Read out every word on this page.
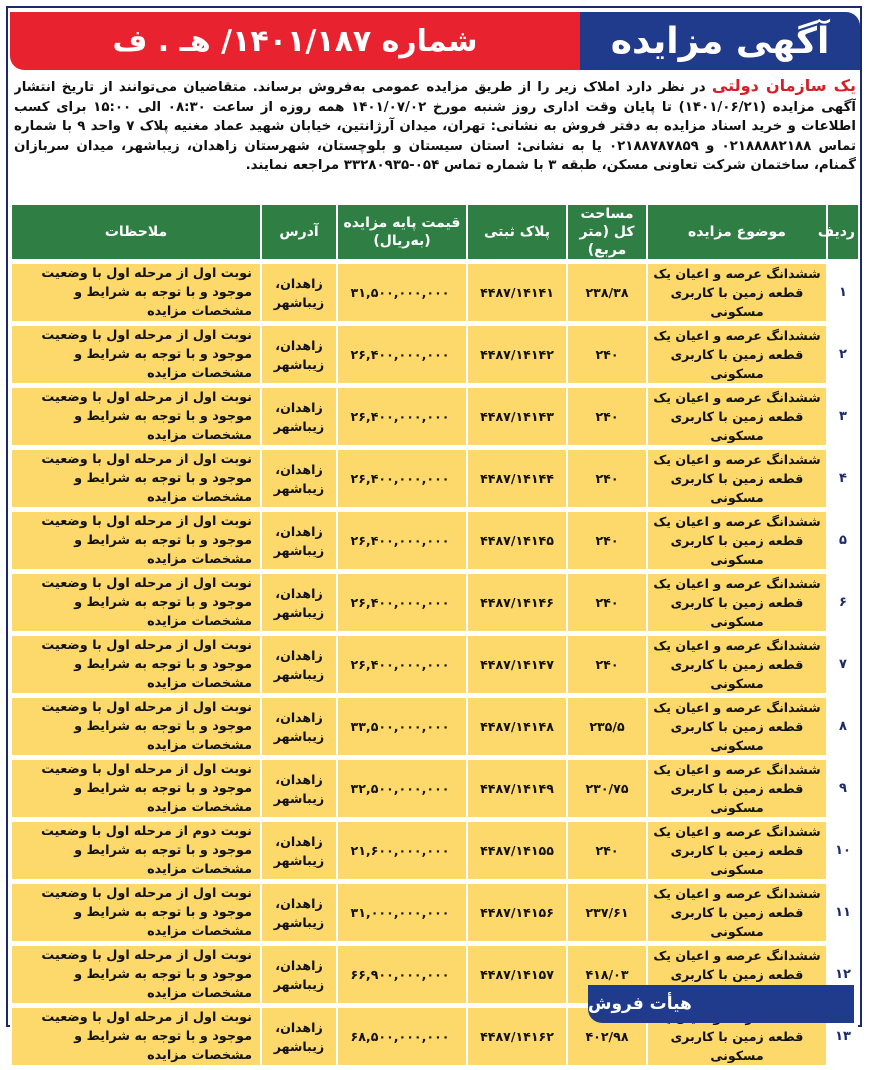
شماره ۱۴۰۱/۱۸۷/ هـ . ف	آگهی مزایده
یک سازمان دولتی در نظر دارد املاک زیر را از طریق مزایده عمومی به‌فروش برساند. متقاضیان می‌توانند از تاریخ انتشار آگهی مزایده (۱۴۰۱/۰۶/۲۱) تا پایان وقت اداری روز شنبه مورخ ۱۴۰۱/۰۷/۰۲ همه روزه از ساعت ۰۸:۳۰ الی ۱۵:۰۰ برای کسب اطلاعات و خرید اسناد مزایده به دفتر فروش به نشانی: تهران، میدان آرژانتین، خیابان شهید عماد مغنیه پلاک ۷ واحد ۹ با شماره تماس ۰۲۱۸۸۸۸۲۱۸۸ و ۰۲۱۸۸۷۸۷۸۵۹ یا به نشانی: استان سیستان و بلوچستان، شهرستان زاهدان، زیباشهر، میدان سربازان گمنام، ساختمان شرکت تعاونی مسکن، طبقه ۳ با شماره تماس ۰۵۴-۳۳۲۸۰۹۳۵ مراجعه نمایند.
ردیف	موضوع مزایده	مساحت کل (متر مربع)	پلاک ثبتی	قیمت پایه مزایده (به‌ریال)	آدرس	ملاحظات
۱	ششدانگ عرصه و اعیان یک قطعه زمین با کاربری مسکونی	۲۳۸/۳۸	۴۴۸۷/۱۴۱۴۱	۳۱,۵۰۰,۰۰۰,۰۰۰	زاهدان، زیباشهر	نوبت اول از مرحله اول با وضعیت موجود و با توجه به شرایط و مشخصات مزایده
۲	ششدانگ عرصه و اعیان یک قطعه زمین با کاربری مسکونی	۲۴۰	۴۴۸۷/۱۴۱۴۲	۲۶,۴۰۰,۰۰۰,۰۰۰	زاهدان، زیباشهر	نوبت اول از مرحله اول با وضعیت موجود و با توجه به شرایط و مشخصات مزایده
۳	ششدانگ عرصه و اعیان یک قطعه زمین با کاربری مسکونی	۲۴۰	۴۴۸۷/۱۴۱۴۳	۲۶,۴۰۰,۰۰۰,۰۰۰	زاهدان، زیباشهر	نوبت اول از مرحله اول با وضعیت موجود و با توجه به شرایط و مشخصات مزایده
۴	ششدانگ عرصه و اعیان یک قطعه زمین با کاربری مسکونی	۲۴۰	۴۴۸۷/۱۴۱۴۴	۲۶,۴۰۰,۰۰۰,۰۰۰	زاهدان، زیباشهر	نوبت اول از مرحله اول با وضعیت موجود و با توجه به شرایط و مشخصات مزایده
۵	ششدانگ عرصه و اعیان یک قطعه زمین با کاربری مسکونی	۲۴۰	۴۴۸۷/۱۴۱۴۵	۲۶,۴۰۰,۰۰۰,۰۰۰	زاهدان، زیباشهر	نوبت اول از مرحله اول با وضعیت موجود و با توجه به شرایط و مشخصات مزایده
۶	ششدانگ عرصه و اعیان یک قطعه زمین با کاربری مسکونی	۲۴۰	۴۴۸۷/۱۴۱۴۶	۲۶,۴۰۰,۰۰۰,۰۰۰	زاهدان، زیباشهر	نوبت اول از مرحله اول با وضعیت موجود و با توجه به شرایط و مشخصات مزایده
۷	ششدانگ عرصه و اعیان یک قطعه زمین با کاربری مسکونی	۲۴۰	۴۴۸۷/۱۴۱۴۷	۲۶,۴۰۰,۰۰۰,۰۰۰	زاهدان، زیباشهر	نوبت اول از مرحله اول با وضعیت موجود و با توجه به شرایط و مشخصات مزایده
۸	ششدانگ عرصه و اعیان یک قطعه زمین با کاربری مسکونی	۲۳۵/۵	۴۴۸۷/۱۴۱۴۸	۳۳,۵۰۰,۰۰۰,۰۰۰	زاهدان، زیباشهر	نوبت اول از مرحله اول با وضعیت موجود و با توجه به شرایط و مشخصات مزایده
۹	ششدانگ عرصه و اعیان یک قطعه زمین با کاربری مسکونی	۲۳۰/۷۵	۴۴۸۷/۱۴۱۴۹	۳۲,۵۰۰,۰۰۰,۰۰۰	زاهدان، زیباشهر	نوبت اول از مرحله اول با وضعیت موجود و با توجه به شرایط و مشخصات مزایده
۱۰	ششدانگ عرصه و اعیان یک قطعه زمین با کاربری مسکونی	۲۴۰	۴۴۸۷/۱۴۱۵۵	۲۱,۶۰۰,۰۰۰,۰۰۰	زاهدان، زیباشهر	نوبت دوم از مرحله اول با وضعیت موجود و با توجه به شرایط و مشخصات مزایده
۱۱	ششدانگ عرصه و اعیان یک قطعه زمین با کاربری مسکونی	۲۳۷/۶۱	۴۴۸۷/۱۴۱۵۶	۳۱,۰۰۰,۰۰۰,۰۰۰	زاهدان، زیباشهر	نوبت اول از مرحله اول با وضعیت موجود و با توجه به شرایط و مشخصات مزایده
۱۲	ششدانگ عرصه و اعیان یک قطعه زمین با کاربری	۴۱۸/۰۳	۴۴۸۷/۱۴۱۵۷	۶۶,۹۰۰,۰۰۰,۰۰۰	زاهدان، زیباشهر	نوبت اول از مرحله اول با وضعیت موجود و با توجه به شرایط و مشخصات مزایده
۱۳	قطعه زمین با کاربری مسکونی	۴۰۲/۹۸	۴۴۸۷/۱۴۱۶۲	۶۸,۵۰۰,۰۰۰,۰۰۰	زاهدان، زیباشهر	نوبت اول از مرحله اول با وضعیت موجود و با توجه به شرایط و مشخصات مزایده
هیأت فروش
